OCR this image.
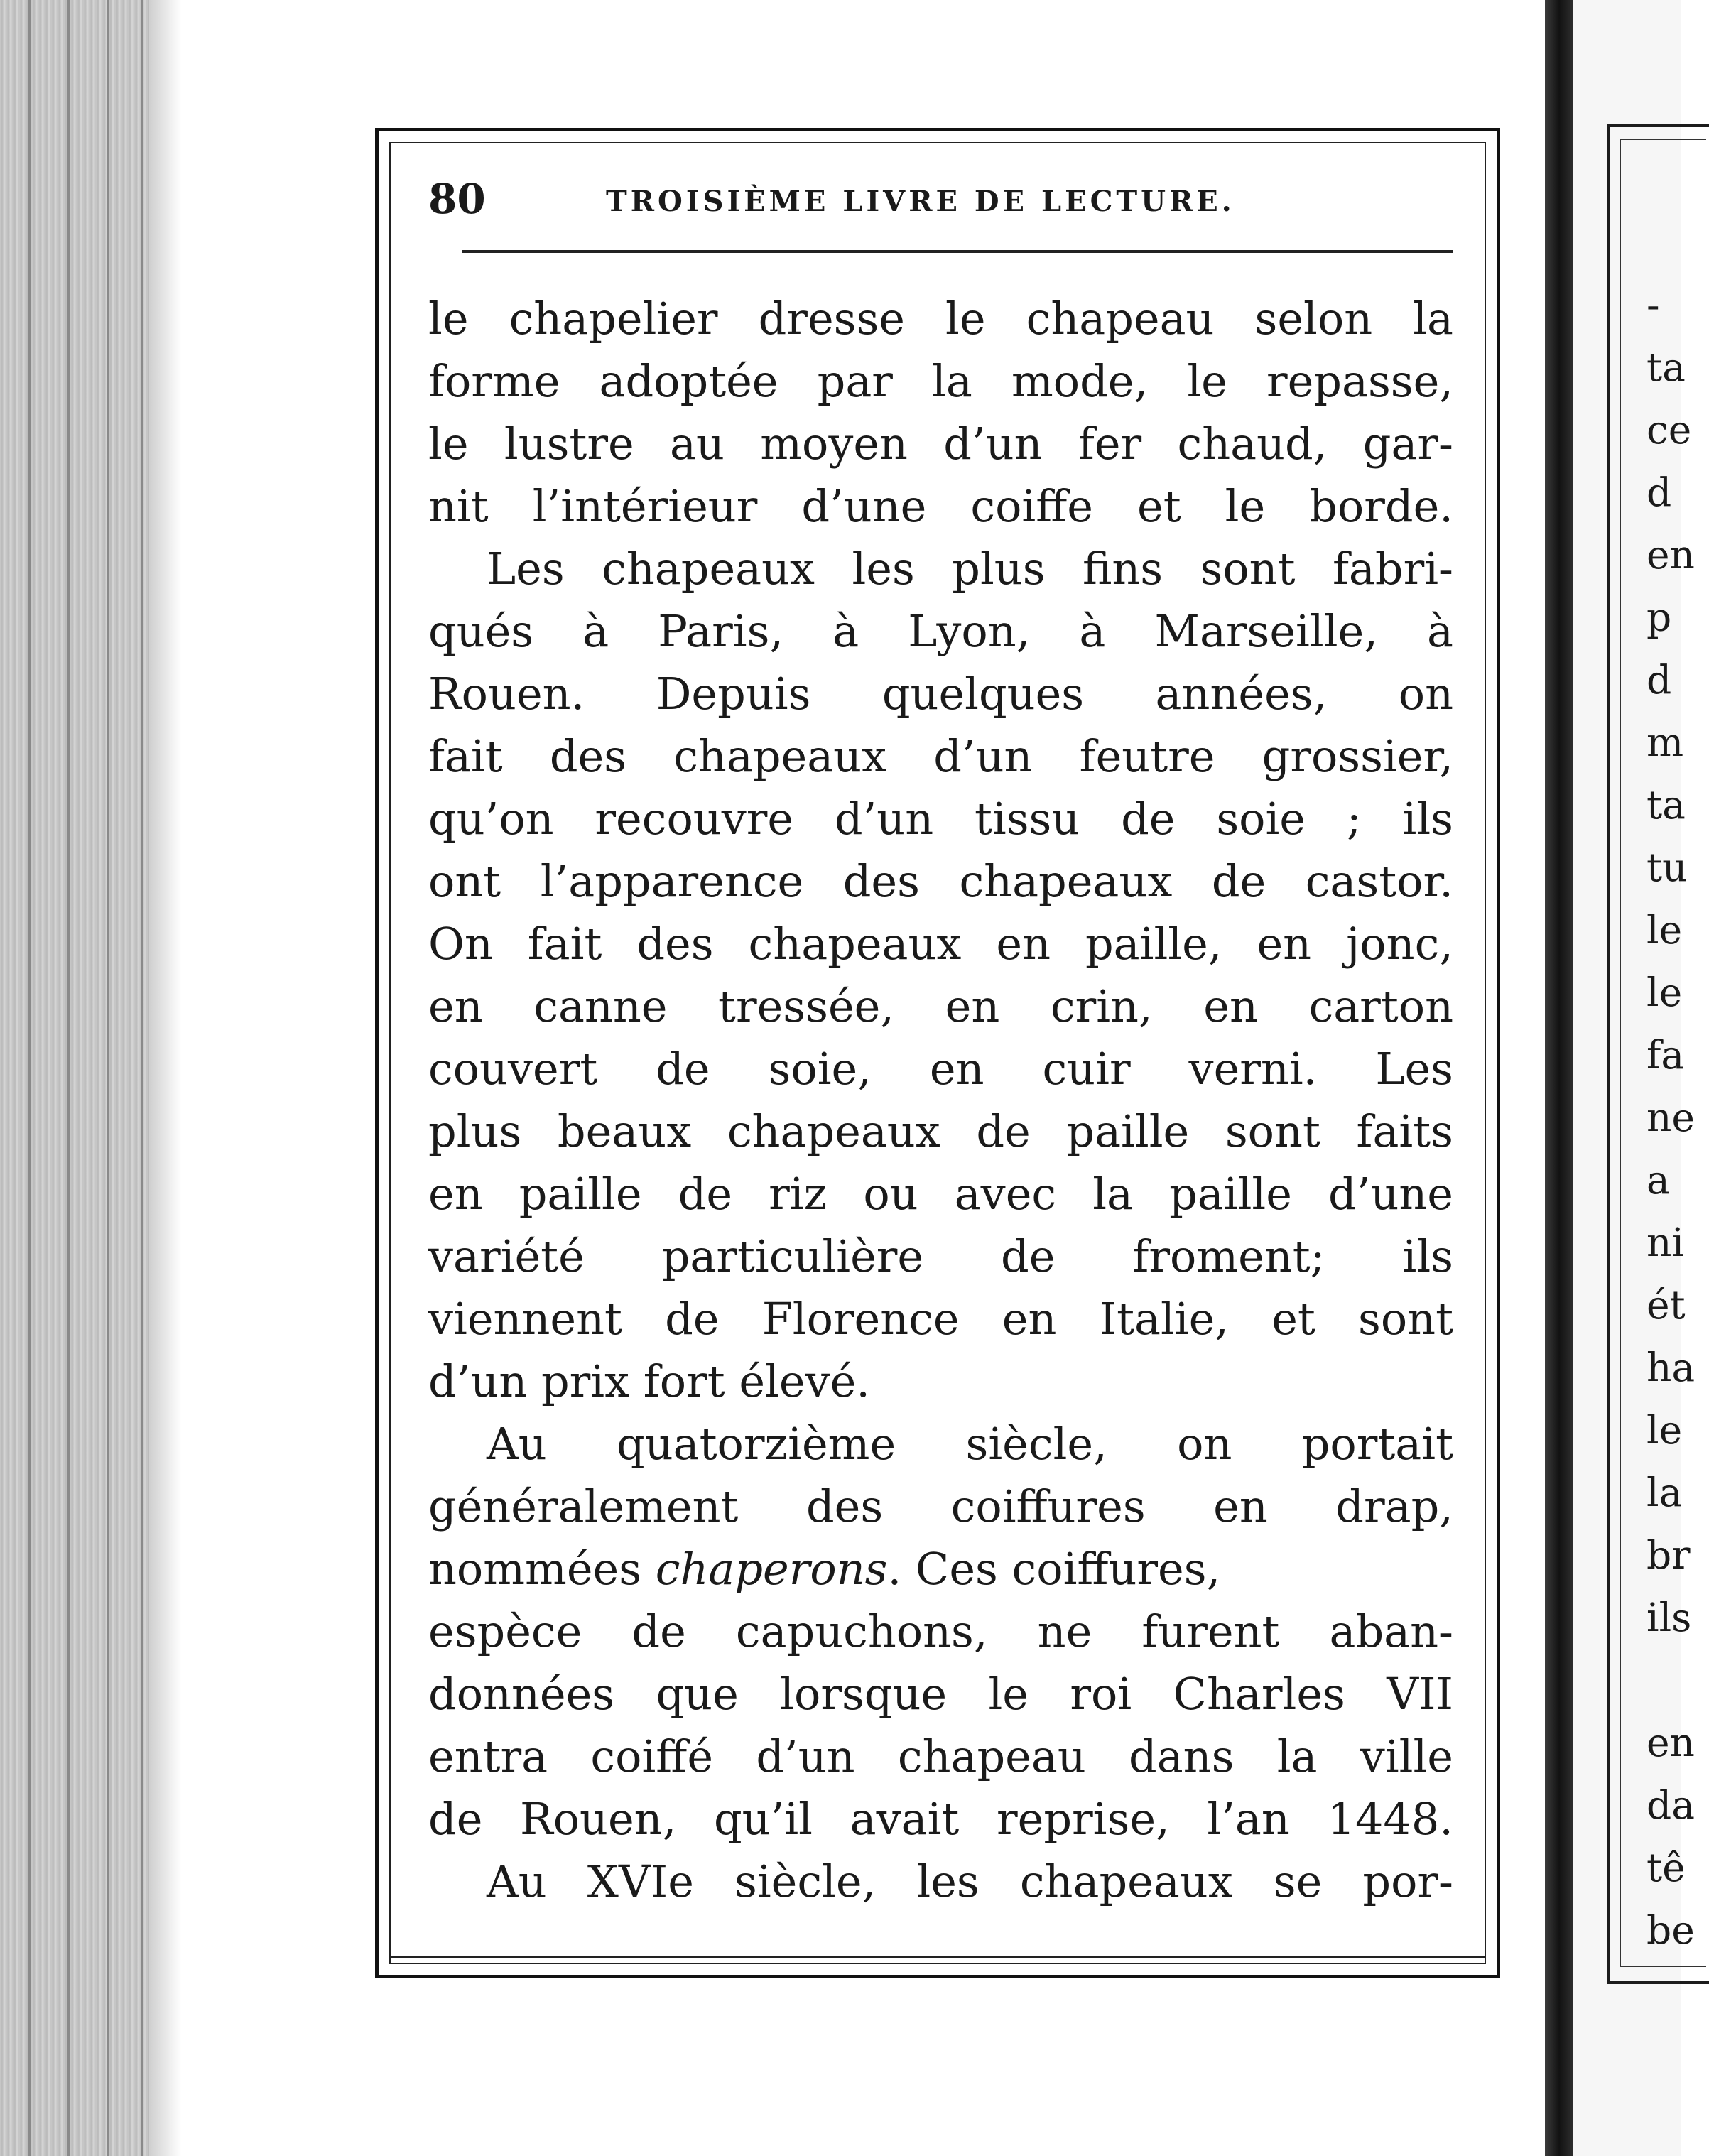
-
ta
ce
d
en
p
d
m
ta
tu
le
le
fa
ne
a
ni
ét
ha
le
la
br
ils

en
da
tê
be
80	TROISIÈME LIVRE DE LECTURE.
le chapelier dresse le chapeau selon la
forme adoptée par la mode, le repasse,
le lustre au moyen d’un fer chaud, gar-
nit l’intérieur d’une coiffe et le borde.
Les chapeaux les plus fins sont fabri-
qués à Paris, à Lyon, à Marseille, à
Rouen. Depuis quelques années, on
fait des chapeaux d’un feutre grossier,
qu’on recouvre d’un tissu de soie ; ils
ont l’apparence des chapeaux de castor.
On fait des chapeaux en paille, en jonc,
en canne tressée, en crin, en carton
couvert de soie, en cuir verni. Les
plus beaux chapeaux de paille sont faits
en paille de riz ou avec la paille d’une
variété particulière de froment; ils
viennent de Florence en Italie, et sont
d’un prix fort élevé.
Au quatorzième siècle, on portait
généralement des coiffures en drap,
nommées chaperons. Ces coiffures,
espèce de capuchons, ne furent aban-
données que lorsque le roi Charles VII
entra coiffé d’un chapeau dans la ville
de Rouen, qu’il avait reprise, l’an 1448.
Au XVIe siècle, les chapeaux se por-
